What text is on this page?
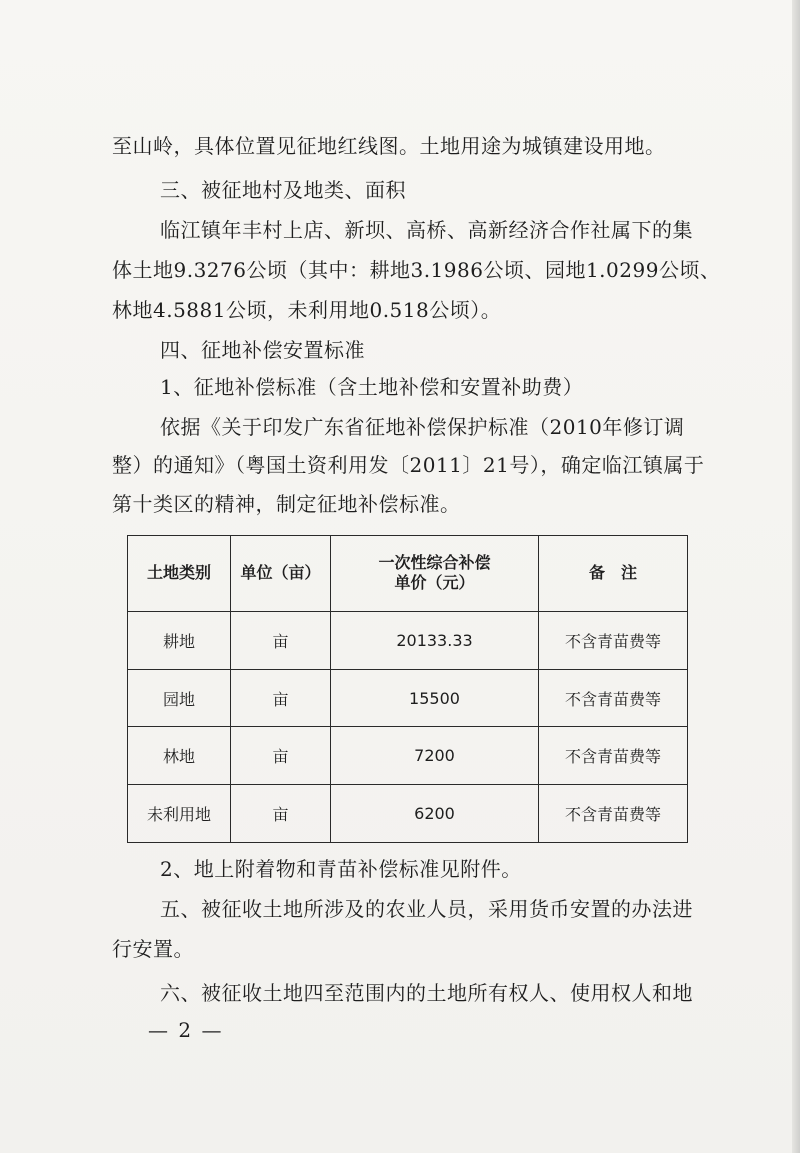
至山岭，具体位置见征地红线图。土地用途为城镇建设用地。
三、被征地村及地类、面积
临江镇年丰村上店、新坝、高桥、高新经济合作社属下的集
体土地9.3276公顷（其中：耕地3.1986公顷、园地1.0299公顷、
林地4.5881公顷，未利用地0.518公顷）。
四、征地补偿安置标准
1、征地补偿标准（含土地补偿和安置补助费）
依据《关于印发广东省征地补偿保护标准（2010年修订调
整）的通知》（粤国土资利用发〔2011〕21号），确定临江镇属于
第十类区的精神，制定征地补偿标准。
土地类别	单位（亩）	一次性综合补偿
单价（元）	备　注
耕地	亩	20133.33	不含青苗费等
园地	亩	15500	不含青苗费等
林地	亩	7200	不含青苗费等
未利用地	亩	6200	不含青苗费等
2、地上附着物和青苗补偿标准见附件。
五、被征收土地所涉及的农业人员，采用货币安置的办法进
行安置。
六、被征收土地四至范围内的土地所有权人、使用权人和地
— 2 —
